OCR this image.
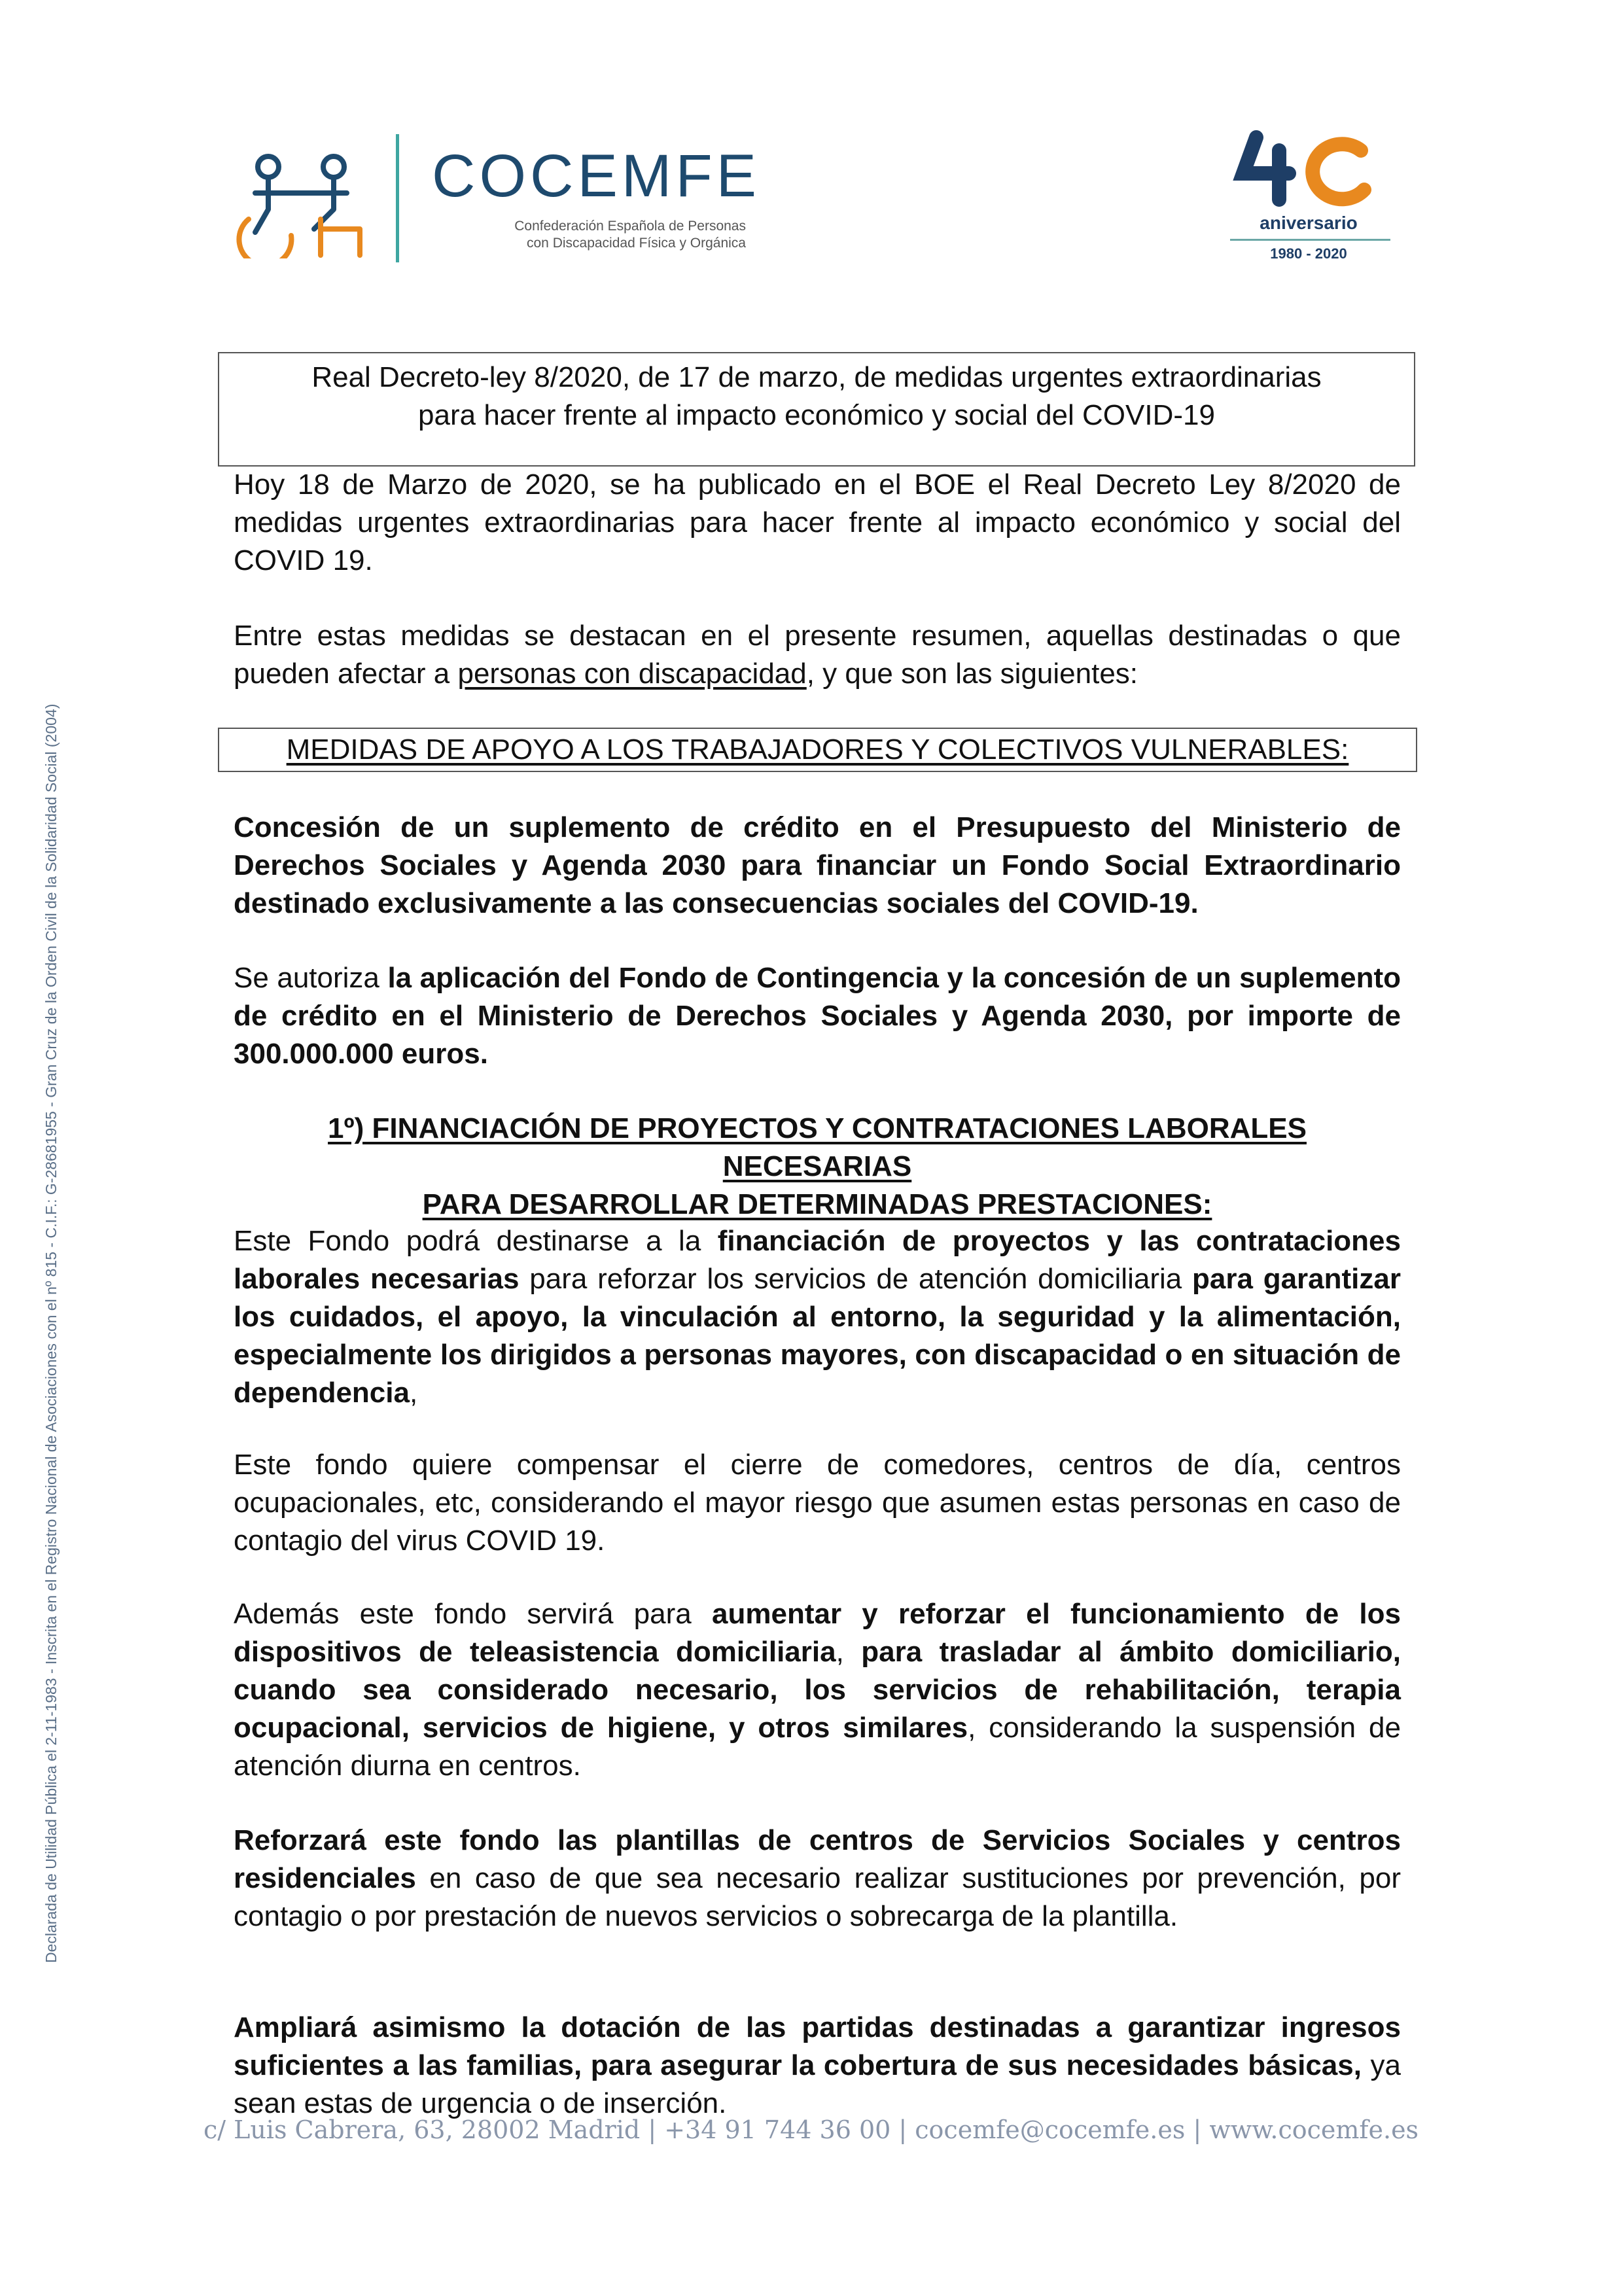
COCEMFE
Confederación Española de Personas
con Discapacidad Física y Orgánica
aniversario
1980 - 2020
Declarada de Utilidad Pública el 2-11-1983 - Inscrita en el Registro Nacional de Asociaciones con el nº 815 - C.I.F.: G-28681955 - Gran Cruz de la Orden Civil de la Solidaridad Social (2004)
Real Decreto-ley 8/2020, de 17 de marzo, de medidas urgentes extraordinarias
para hacer frente al impacto económico y social del COVID-19
Hoy 18 de Marzo de 2020, se ha publicado en el BOE el Real Decreto Ley 8/2020 de medidas urgentes extraordinarias para hacer frente al impacto económico y social del COVID 19.
Entre estas medidas se destacan en el presente resumen, aquellas destinadas o que pueden afectar a personas con discapacidad, y que son las siguientes:
MEDIDAS DE APOYO A LOS TRABAJADORES Y COLECTIVOS VULNERABLES:
Concesión de un suplemento de crédito en el Presupuesto del Ministerio de Derechos Sociales y Agenda 2030 para financiar un Fondo Social Extraordinario destinado exclusivamente a las consecuencias sociales del COVID-19.
Se autoriza la aplicación del Fondo de Contingencia y la concesión de un suplemento de crédito en el Ministerio de Derechos Sociales y Agenda 2030, por importe de 300.000.000 euros.
1º) FINANCIACIÓN DE PROYECTOS Y CONTRATACIONES LABORALES NECESARIAS
PARA DESARROLLAR DETERMINADAS PRESTACIONES:
Este Fondo podrá destinarse a la financiación de proyectos y las contrataciones laborales necesarias para reforzar los servicios de atención domiciliaria para garantizar los cuidados, el apoyo, la vinculación al entorno, la seguridad y la alimentación, especialmente los dirigidos a personas mayores, con discapacidad o en situación de dependencia,
Este fondo quiere compensar el cierre de comedores, centros de día, centros ocupacionales, etc, considerando el mayor riesgo que asumen estas personas en caso de contagio del virus COVID 19.
Además este fondo servirá para aumentar y reforzar el funcionamiento de los dispositivos de teleasistencia domiciliaria, para trasladar al ámbito domiciliario, cuando sea considerado necesario, los servicios de rehabilitación, terapia ocupacional, servicios de higiene, y otros similares, considerando la suspensión de atención diurna en centros.
Reforzará este fondo las plantillas de centros de Servicios Sociales y centros residenciales en caso de que sea necesario realizar sustituciones por prevención, por contagio o por prestación de nuevos servicios o sobrecarga de la plantilla.
Ampliará asimismo la dotación de las partidas destinadas a garantizar ingresos suficientes a las familias, para asegurar la cobertura de sus necesidades básicas, ya sean estas de urgencia o de inserción.
c/ Luis Cabrera, 63, 28002 Madrid | +34 91 744 36 00 | cocemfe@cocemfe.es | www.cocemfe.es
